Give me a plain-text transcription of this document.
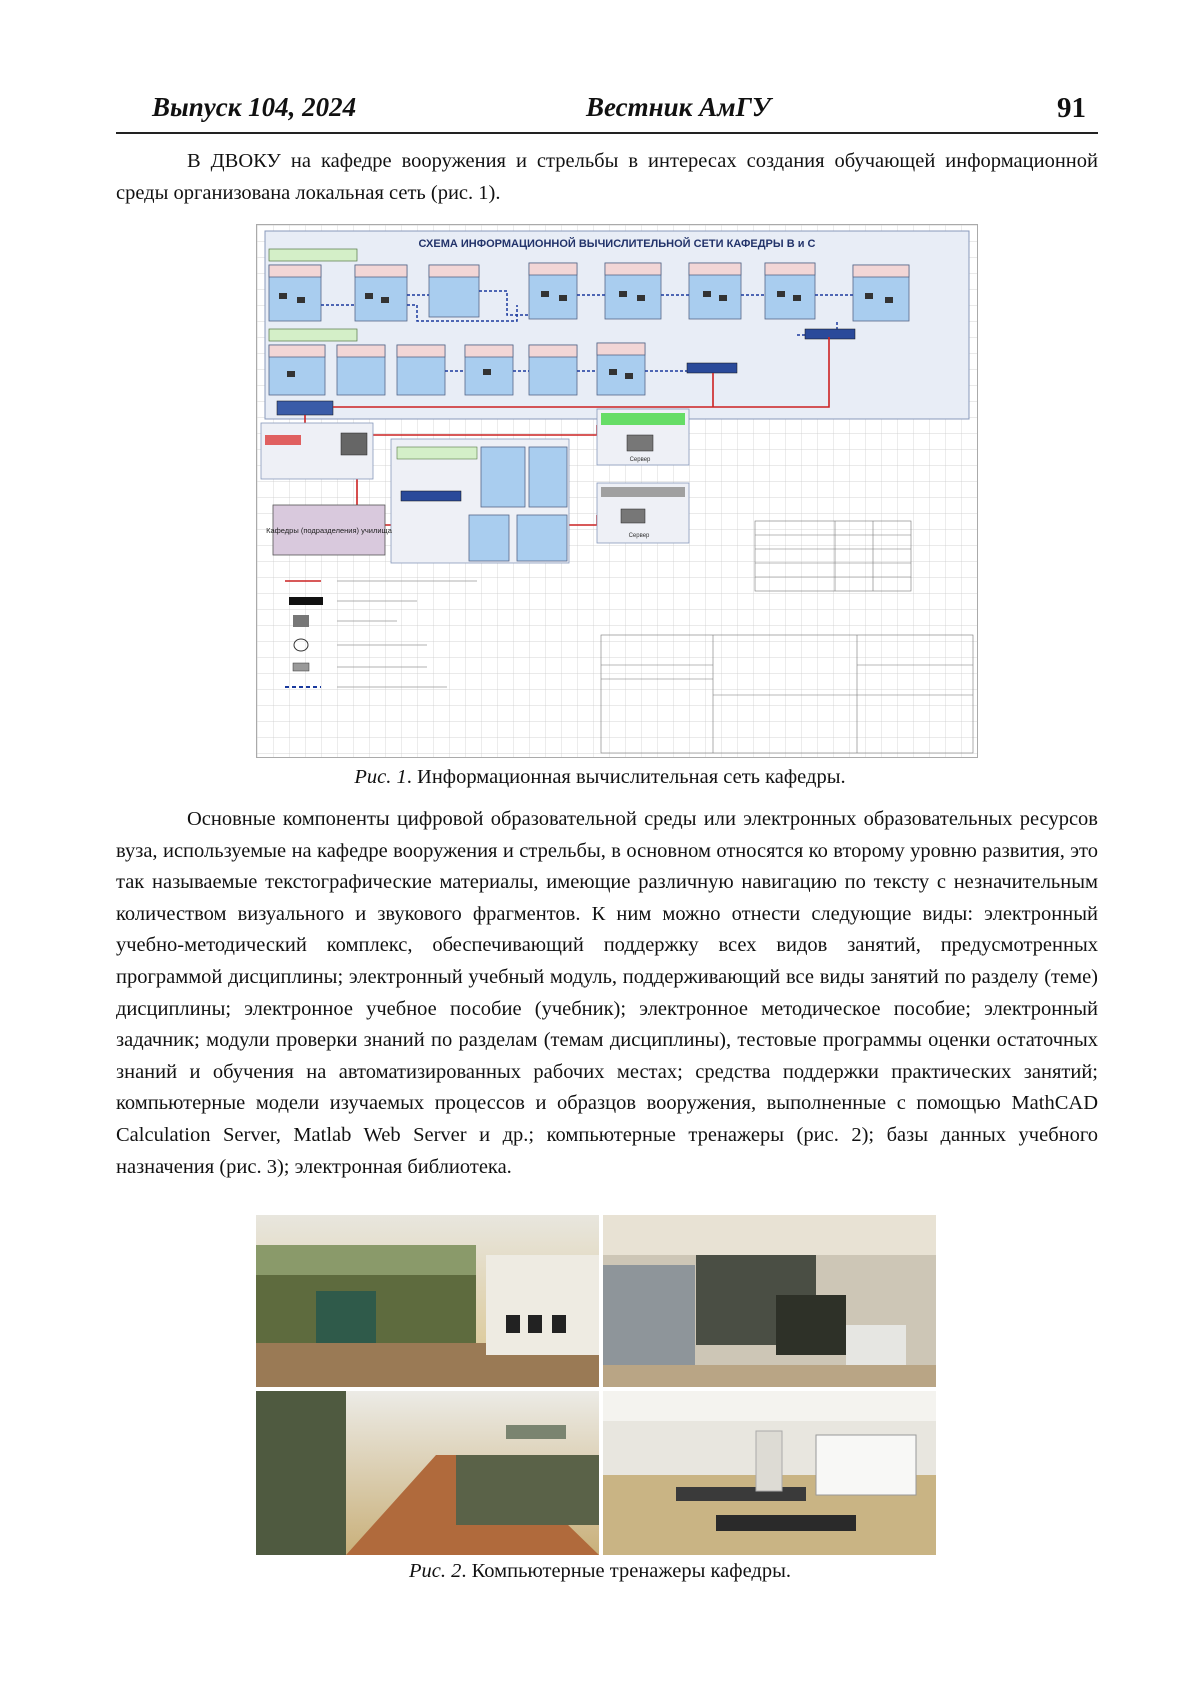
Выпуск 104, 2024	Вестник АмГУ	91

В ДВОКУ на кафедре вооружения и стрельбы в интересах создания обучающей информационной среды организована локальная сеть (рис. 1).

СХЕМА ИНФОРМАЦИОННОЙ ВЫЧИСЛИТЕЛЬНОЙ СЕТИ КАФЕДРЫ В и С
Сервер
Сервер
Кафедры (подразделения) училища
Рис. 1. Информационная вычислительная сеть кафедры.

Основные компоненты цифровой образовательной среды или электронных образовательных ресурсов вуза, используемые на кафедре вооружения и стрельбы, в основном относятся ко второму уровню развития, это так называемые текстографические материалы, имеющие различную навигацию по тексту с незначительным количеством визуального и звукового фрагментов. К ним можно отнести следующие виды: электронный учебно-методический комплекс, обеспечивающий поддержку всех видов занятий, предусмотренных программой дисциплины; электронный учебный модуль, поддерживающий все виды занятий по разделу (теме) дисциплины; электронное учебное пособие (учебник); электронное методическое пособие; электронный задачник; модули проверки знаний по разделам (темам дисциплины), тестовые программы оценки остаточных знаний и обучения на автоматизированных рабочих местах; средства поддержки практических занятий; компьютерные модели изучаемых процессов и образцов вооружения, выполненные с помощью MathCAD Calculation Server, Matlab Web Server и др.; компьютерные тренажеры (рис. 2); базы данных учебного назначения (рис. 3); электронная библиотека.

Рис. 2. Компьютерные тренажеры кафедры.
